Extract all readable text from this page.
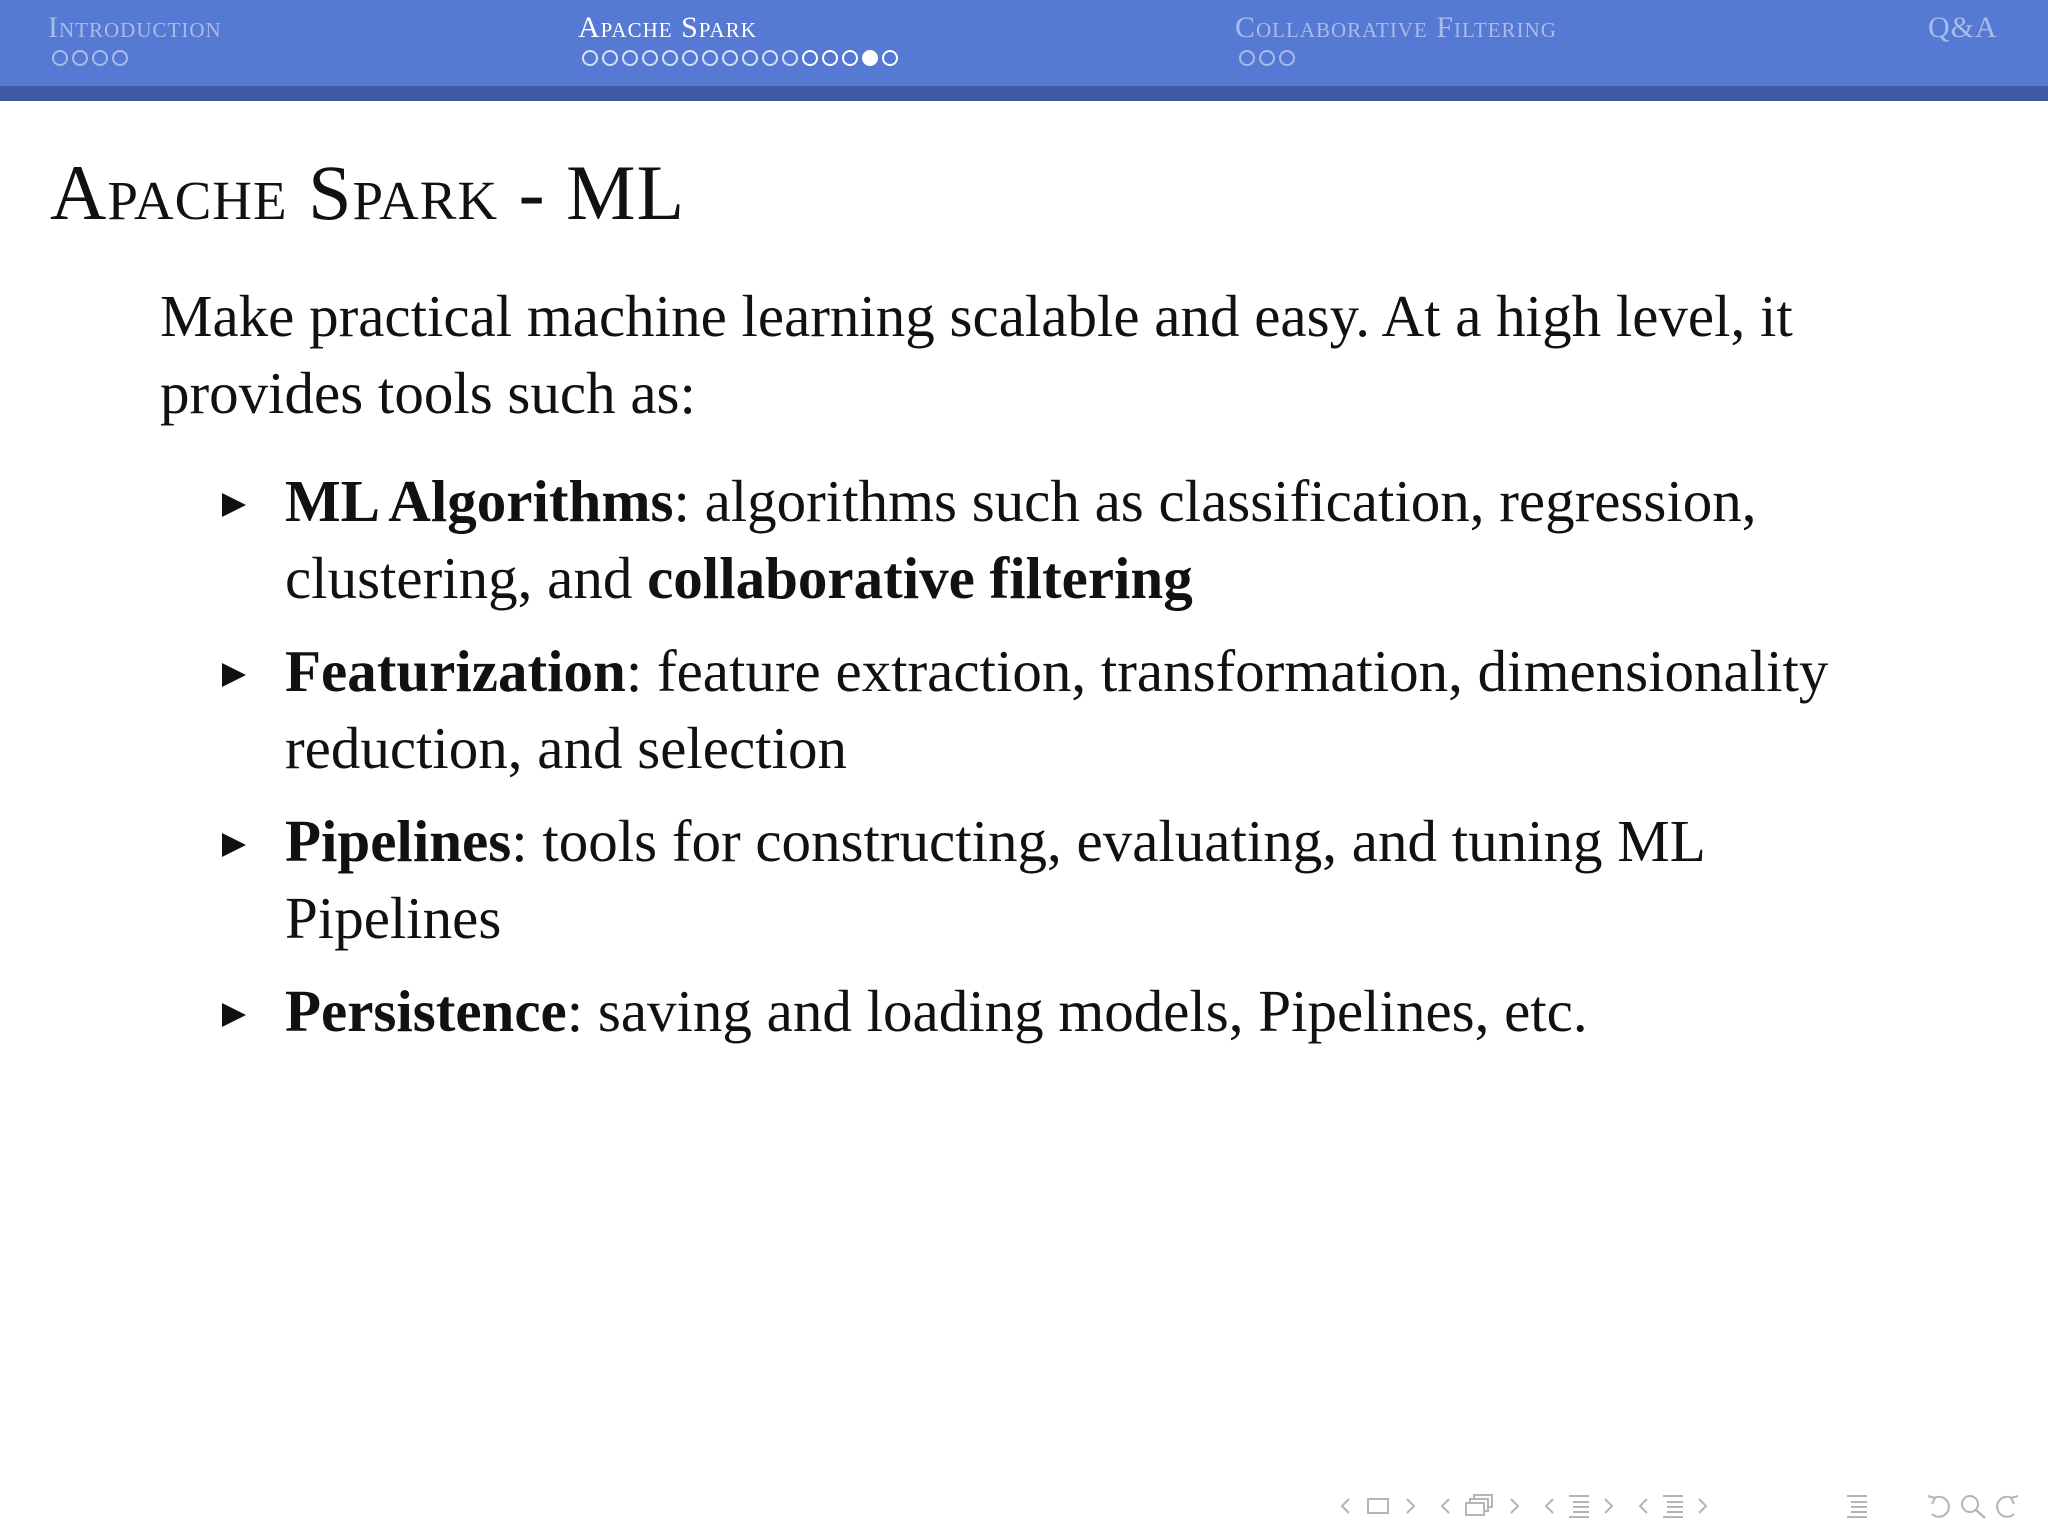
Introduction	Apache Spark	Collaborative Filtering	Q&A
Apache Spark - ML

Make practical machine learning scalable and easy. At a high level, it provides tools such as:

ML Algorithms: algorithms such as classification, regression, clustering, and collaborative filtering
Featurization: feature extraction, transformation, dimensionality reduction, and selection
Pipelines: tools for constructing, evaluating, and tuning ML Pipelines
Persistence: saving and loading models, Pipelines, etc.
